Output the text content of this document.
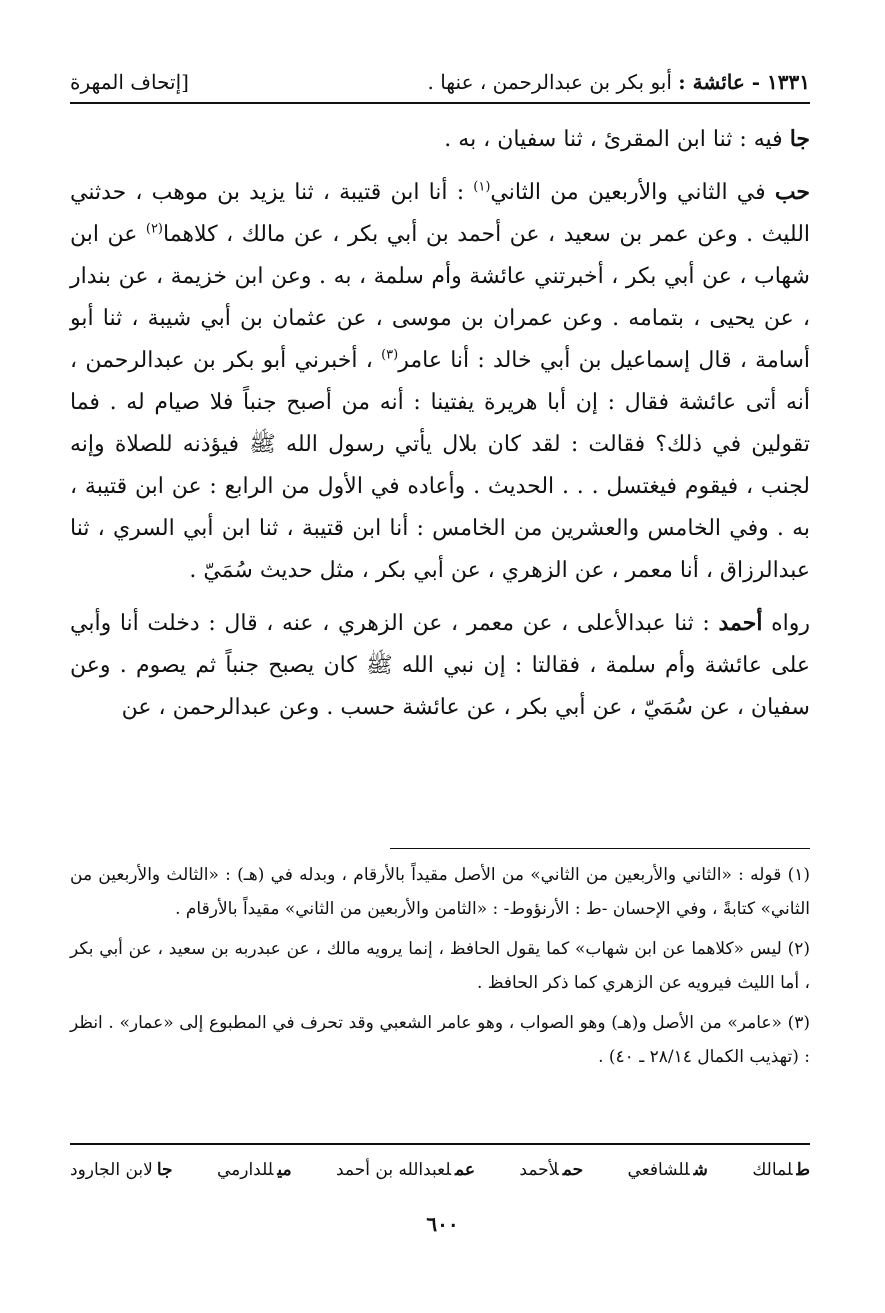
١٣٣١ - عائشة : أبو بكر بن عبدالرحمن ، عنها .
[إتحاف المهرة

جا فيه : ثنا ابن المقرئ ، ثنا سفيان ، به .

حب في الثاني والأربعين من الثاني$^{(١)}$ : أنا ابن قتيبة ، ثنا يزيد بن موهب ، حدثني الليث . وعن عمر بن سعيد ، عن أحمد بن أبي بكر ، عن مالك ، كلاهما$^{(٢)}$ عن ابن شهاب ، عن أبي بكر ، أخبرتني عائشة وأم سلمة ، به . وعن ابن خزيمة ، عن بندار ، عن يحيى ، بتمامه . وعن عمران بن موسى ، عن عثمان بن أبي شيبة ، ثنا أبو أسامة ، قال إسماعيل بن أبي خالد : أنا عامر$^{(٣)}$ ، أخبرني أبو بكر بن عبدالرحمن ، أنه أتى عائشة فقال : إن أبا هريرة يفتينا : أنه من أصبح جنباً فلا صيام له . فما تقولين في ذلك؟ فقالت : لقد كان بلال يأتي رسول الله ﷺ فيؤذنه للصلاة وإنه لجنب ، فيقوم فيغتسل . . . الحديث . وأعاده في الأول من الرابع : عن ابن قتيبة ، به . وفي الخامس والعشرين من الخامس : أنا ابن قتيبة ، ثنا ابن أبي السري ، ثنا عبدالرزاق ، أنا معمر ، عن الزهري ، عن أبي بكر ، مثل حديث سُمَيّ .

رواه أحمد : ثنا عبدالأعلى ، عن معمر ، عن الزهري ، عنه ، قال : دخلت أنا وأبي على عائشة وأم سلمة ، فقالتا : إن نبي الله ﷺ كان يصبح جنباً ثم يصوم . وعن سفيان ، عن سُمَيّ ، عن أبي بكر ، عن عائشة حسب . وعن عبدالرحمن ، عن

(١) قوله : «الثاني والأربعين من الثاني» من الأصل مقيداً بالأرقام ، وبدله في (هـ) : «الثالث والأربعين من الثاني» كتابةً ، وفي الإحسان -ط : الأرنؤوط- : «الثامن والأربعين من الثاني» مقيداً بالأرقام .

(٢) ليس «كلاهما عن ابن شهاب» كما يقول الحافظ ، إنما يرويه مالك ، عن عبدربه بن سعيد ، عن أبي بكر ، أما الليث فيرويه عن الزهري كما ذكر الحافظ .

(٣) «عامر» من الأصل و(هـ) وهو الصواب ، وهو عامر الشعبي وقد تحرف في المطبوع إلى «عمار» . انظر : (تهذيب الكمال ٢٨/١٤ ـ ٤٠) .

طلمالك
شللشافعي
حملأحمد
عملعبدالله بن أحمد
ميللدارمي
جالابن الجارود
٦٠٠
